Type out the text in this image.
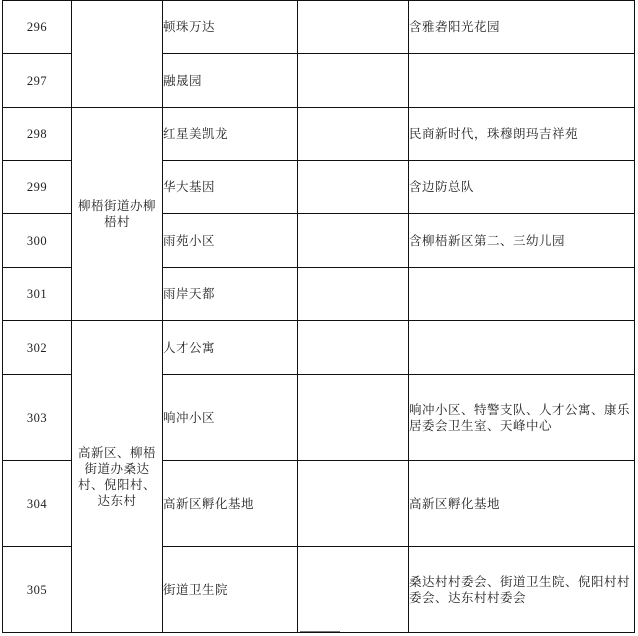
296		顿珠万达		含雅砻阳光花园
297		融晟园		
298	柳梧街道办柳梧村	红星美凯龙		民商新时代，珠穆朗玛吉祥苑
299		华大基因		含边防总队
300		雨苑小区		含柳梧新区第二、三幼儿园
301		雨岸天都		
302	高新区、柳梧街道办桑达村、倪阳村、达东村	人才公寓		
303		响冲小区		响冲小区、特警支队、人才公寓、康乐居委会卫生室、天峰中心
304		高新区孵化基地		高新区孵化基地
305		街道卫生院		桑达村村委会、街道卫生院、倪阳村村委会、达东村村委会
